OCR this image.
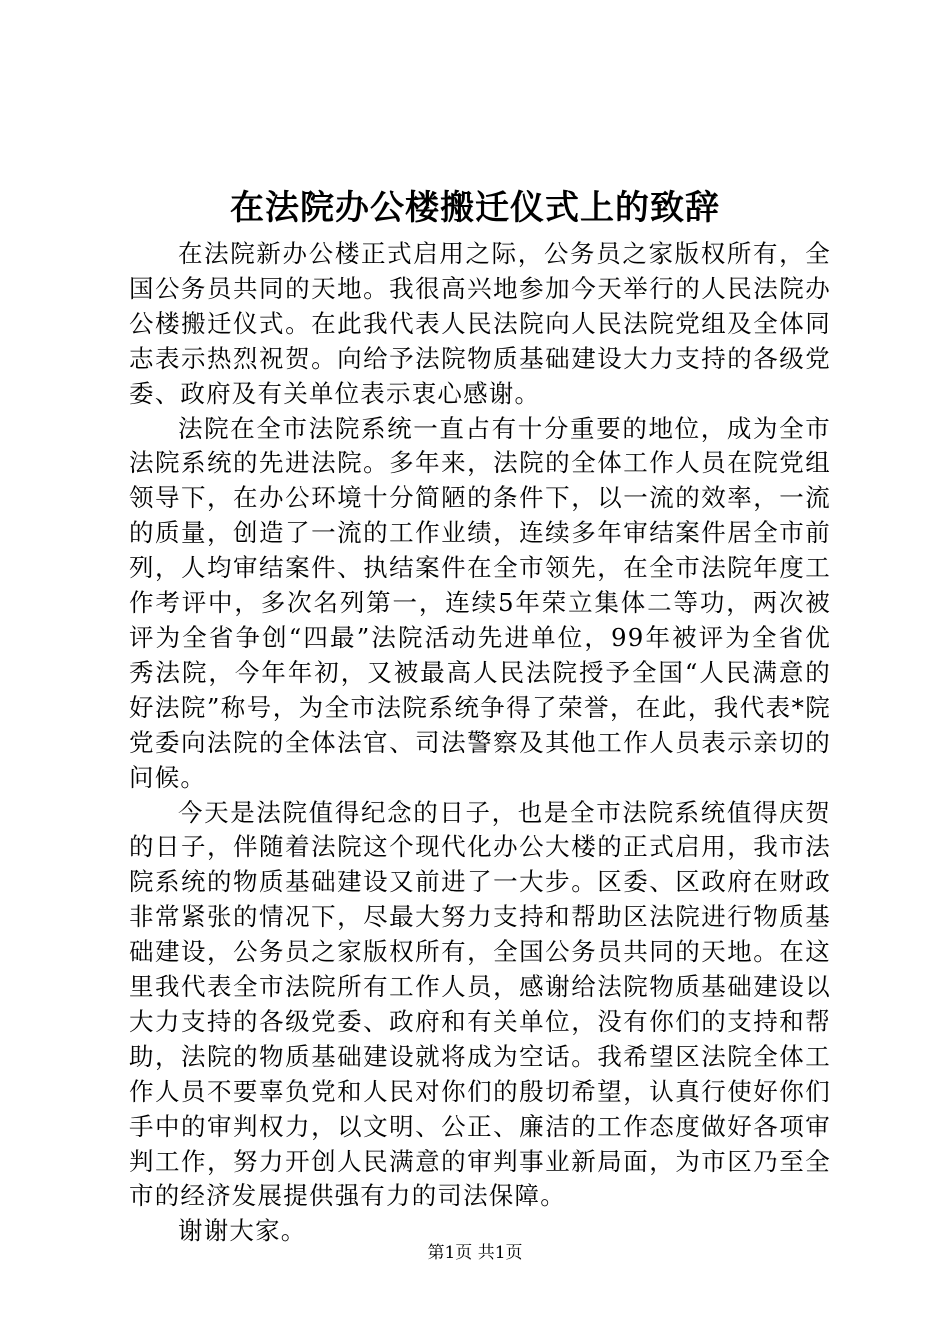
在法院办公楼搬迁仪式上的致辞

在法院新办公楼正式启用之际，公务员之家版权所有，全国公务员共同的天地。我很高兴地参加今天举行的人民法院办公楼搬迁仪式。在此我代表人民法院向人民法院党组及全体同志表示热烈祝贺。向给予法院物质基础建设大力支持的各级党委、政府及有关单位表示衷心感谢。

法院在全市法院系统一直占有十分重要的地位，成为全市法院系统的先进法院。多年来，法院的全体工作人员在院党组领导下，在办公环境十分简陋的条件下，以一流的效率，一流的质量，创造了一流的工作业绩，连续多年审结案件居全市前列，人均审结案件、执结案件在全市领先，在全市法院年度工作考评中，多次名列第一，连续5年荣立集体二等功，两次被评为全省争创“四最”法院活动先进单位，99年被评为全省优秀法院，今年年初，又被最高人民法院授予全国“人民满意的好法院”称号，为全市法院系统争得了荣誉，在此，我代表*院党委向法院的全体法官、司法警察及其他工作人员表示亲切的问候。

今天是法院值得纪念的日子，也是全市法院系统值得庆贺的日子，伴随着法院这个现代化办公大楼的正式启用，我市法院系统的物质基础建设又前进了一大步。区委、区政府在财政非常紧张的情况下，尽最大努力支持和帮助区法院进行物质基础建设，公务员之家版权所有，全国公务员共同的天地。在这里我代表全市法院所有工作人员，感谢给法院物质基础建设以大力支持的各级党委、政府和有关单位，没有你们的支持和帮助，法院的物质基础建设就将成为空话。我希望区法院全体工作人员不要辜负党和人民对你们的殷切希望，认真行使好你们手中的审判权力，以文明、公正、廉洁的工作态度做好各项审判工作，努力开创人民满意的审判事业新局面，为市区乃至全市的经济发展提供强有力的司法保障。

谢谢大家。

第1页 共1页
